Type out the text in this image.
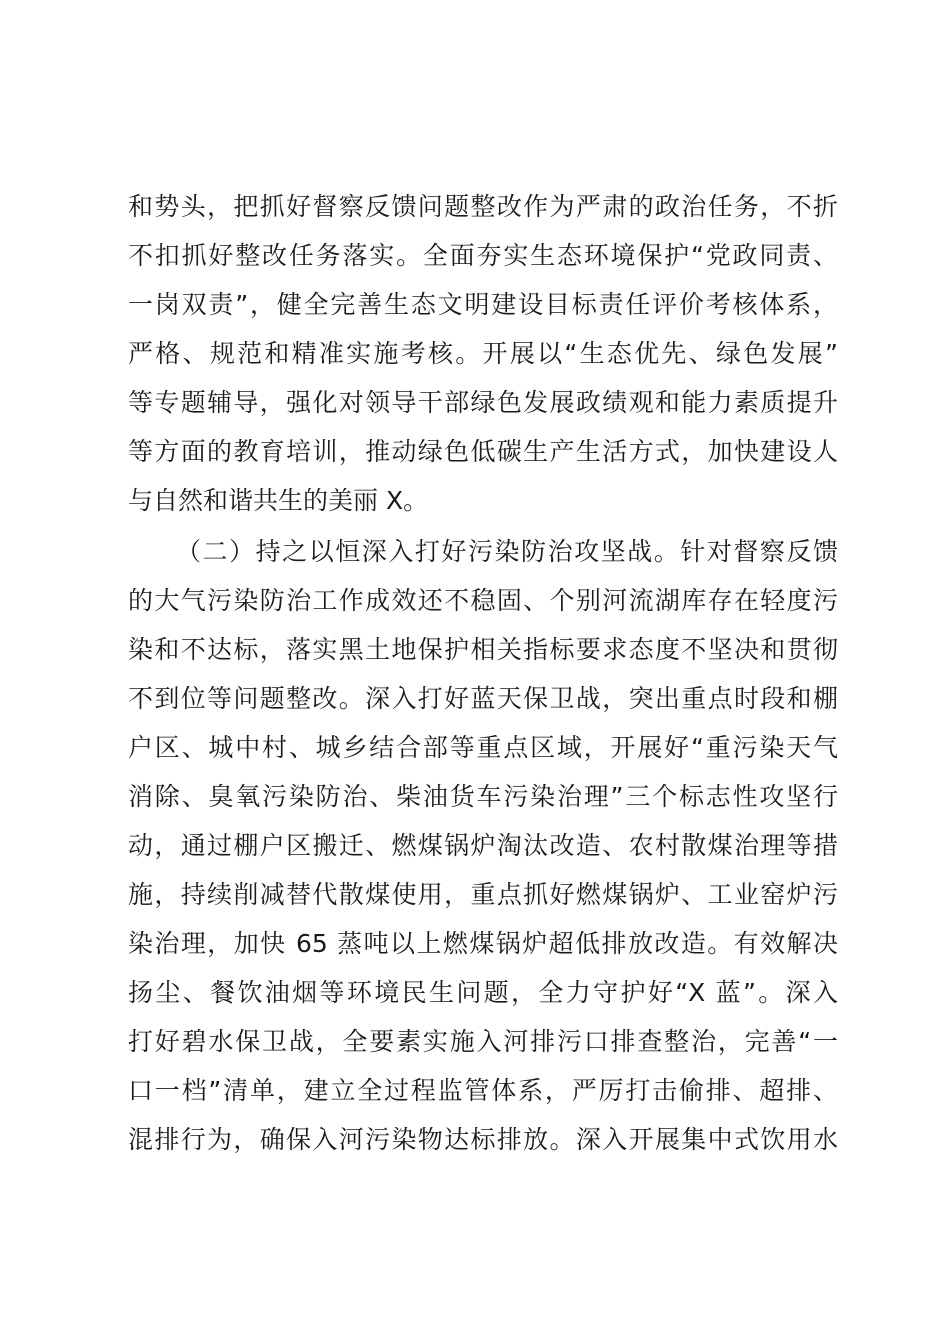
和势头，把抓好督察反馈问题整改作为严肃的政治任务，不折
不扣抓好整改任务落实。全面夯实生态环境保护“党政同责、
一岗双责”，健全完善生态文明建设目标责任评价考核体系，
严格、规范和精准实施考核。开展以“生态优先、绿色发展”
等专题辅导，强化对领导干部绿色发展政绩观和能力素质提升
等方面的教育培训，推动绿色低碳生产生活方式，加快建设人
与自然和谐共生的美丽 X。
（二）持之以恒深入打好污染防治攻坚战。针对督察反馈
的大气污染防治工作成效还不稳固、个别河流湖库存在轻度污
染和不达标，落实黑土地保护相关指标要求态度不坚决和贯彻
不到位等问题整改。深入打好蓝天保卫战，突出重点时段和棚
户区、城中村、城乡结合部等重点区域，开展好“重污染天气
消除、臭氧污染防治、柴油货车污染治理”三个标志性攻坚行
动，通过棚户区搬迁、燃煤锅炉淘汰改造、农村散煤治理等措
施，持续削减替代散煤使用，重点抓好燃煤锅炉、工业窑炉污
染治理，加快 65 蒸吨以上燃煤锅炉超低排放改造。有效解决
扬尘、餐饮油烟等环境民生问题，全力守护好“X 蓝”。深入
打好碧水保卫战，全要素实施入河排污口排查整治，完善“一
口一档”清单，建立全过程监管体系，严厉打击偷排、超排、
混排行为，确保入河污染物达标排放。深入开展集中式饮用水
